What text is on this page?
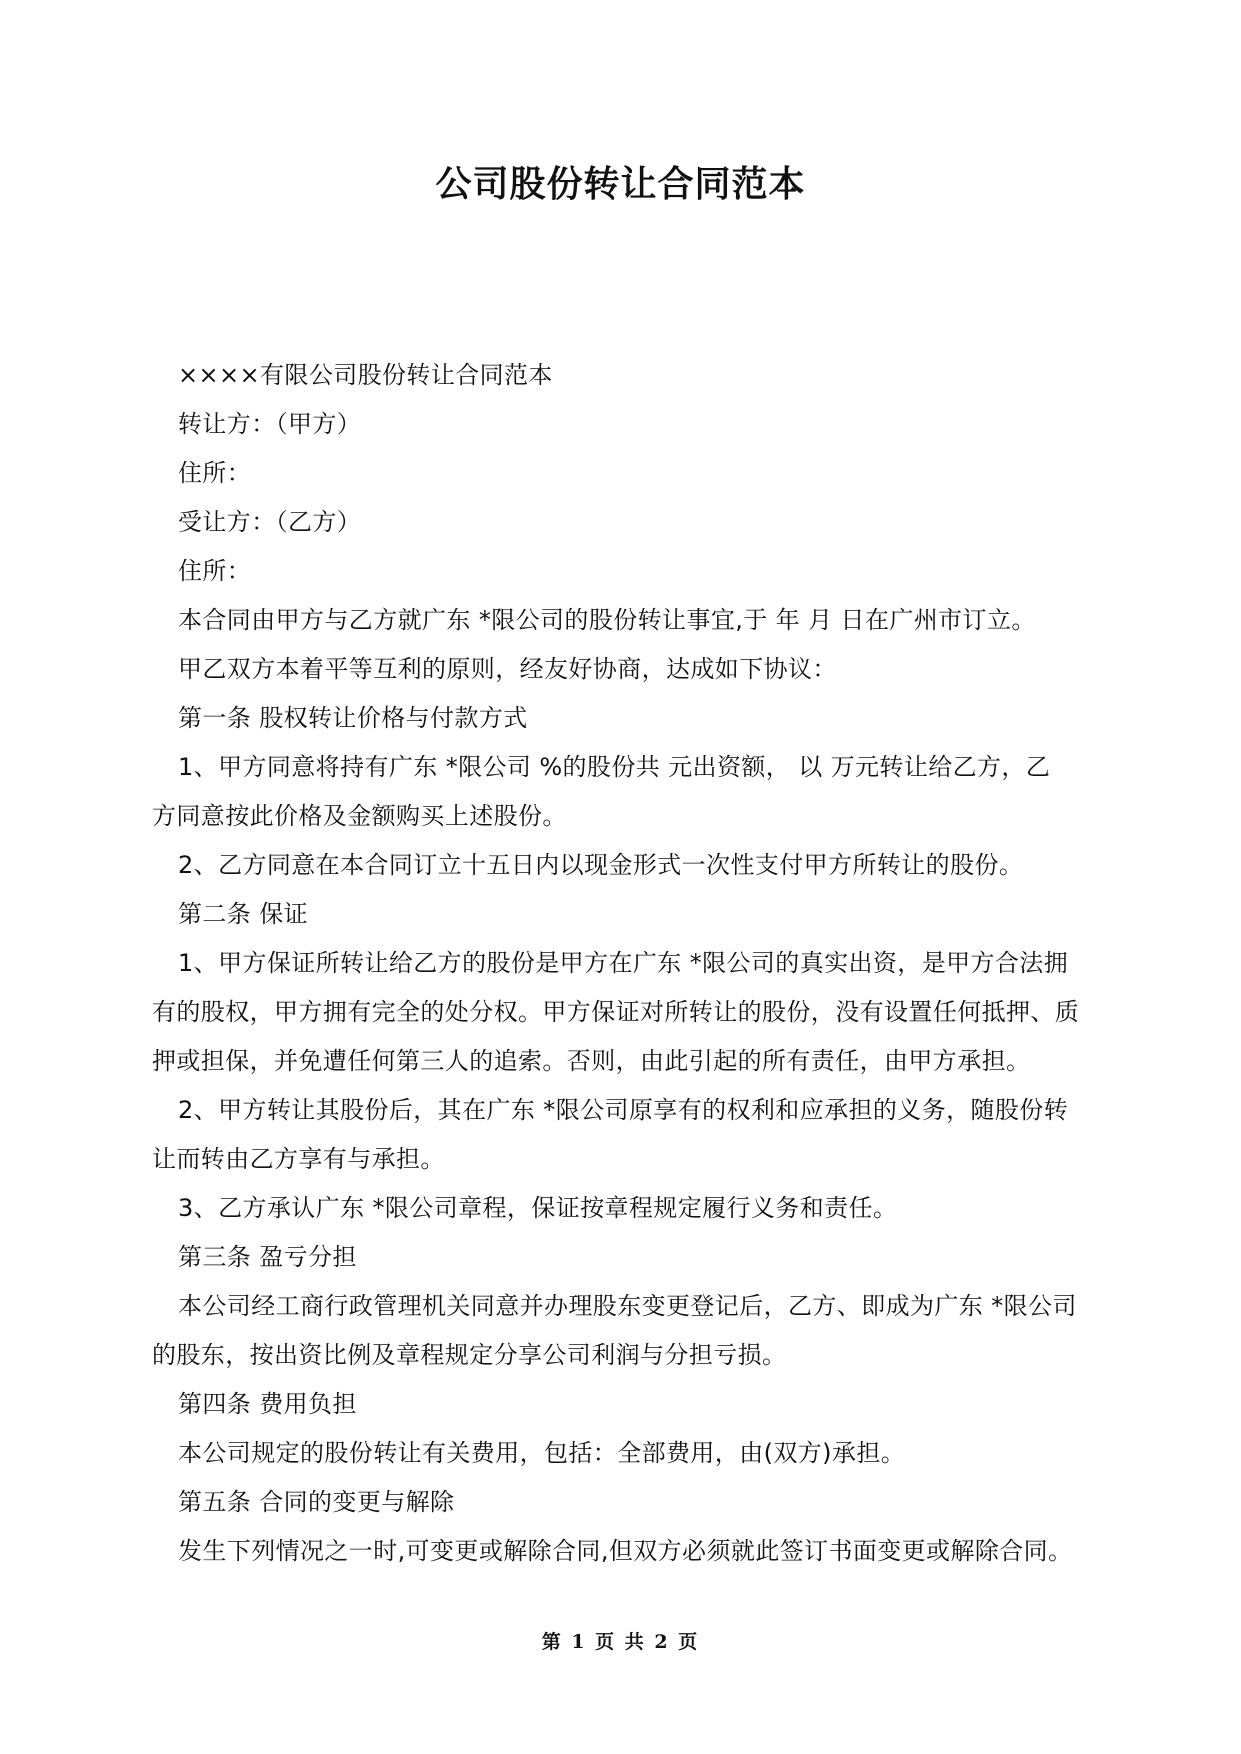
公司股份转让合同范本
××××有限公司股份转让合同范本
转让方：（甲方）
住所：
受让方：（乙方）
住所：
本合同由甲方与乙方就广东 *限公司的股份转让事宜,于 年 月 日在广州市订立。
甲乙双方本着平等互利的原则，经友好协商，达成如下协议：
第一条 股权转让价格与付款方式
1、甲方同意将持有广东 *限公司 %的股份共 元出资额， 以 万元转让给乙方，乙
方同意按此价格及金额购买上述股份。
2、乙方同意在本合同订立十五日内以现金形式一次性支付甲方所转让的股份。
第二条 保证
1、甲方保证所转让给乙方的股份是甲方在广东 *限公司的真实出资，是甲方合法拥
有的股权，甲方拥有完全的处分权。甲方保证对所转让的股份，没有设置任何抵押、质
押或担保，并免遭任何第三人的追索。否则，由此引起的所有责任，由甲方承担。
2、甲方转让其股份后，其在广东 *限公司原享有的权利和应承担的义务，随股份转
让而转由乙方享有与承担。
3、乙方承认广东 *限公司章程，保证按章程规定履行义务和责任。
第三条 盈亏分担
本公司经工商行政管理机关同意并办理股东变更登记后，乙方、即成为广东 *限公司
的股东，按出资比例及章程规定分享公司利润与分担亏损。
第四条 费用负担
本公司规定的股份转让有关费用，包括：全部费用，由(双方)承担。
第五条 合同的变更与解除
发生下列情况之一时,可变更或解除合同,但双方必须就此签订书面变更或解除合同。
第 1 页 共 2 页
